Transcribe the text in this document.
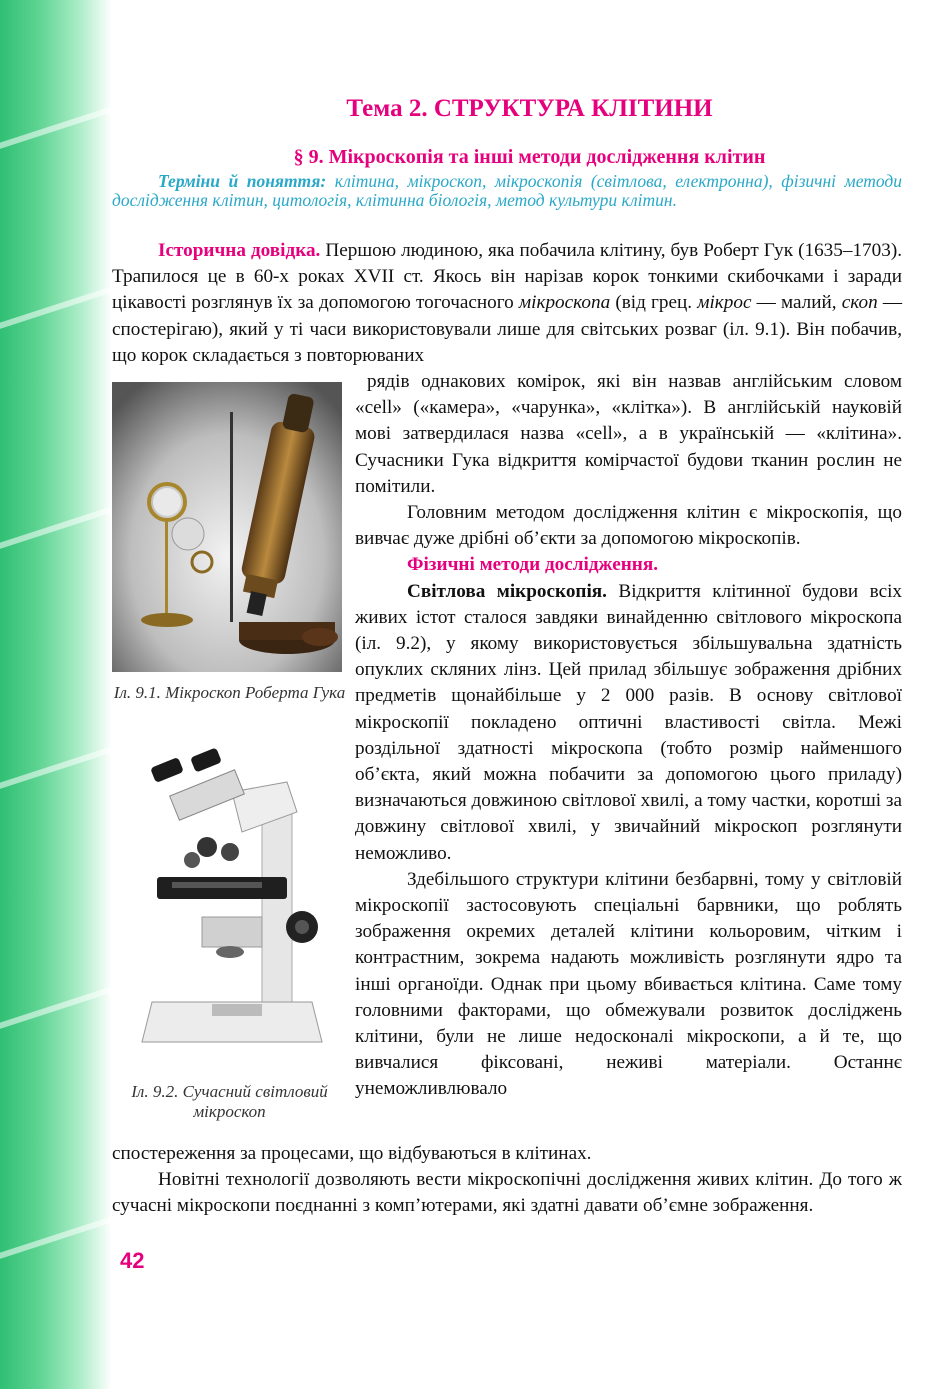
Тема 2. СТРУКТУРА КЛІТИНИ
§ 9. Мікроскопія та інші методи дослідження клітин

Терміни й поняття: клітина, мікроскоп, мікроскопія (світлова, електронна), фізичні методи дослідження клітин, цитологія, клітинна біологія, метод культури клітин.

Історична довідка. Першою людиною, яка побачила клітину, був Роберт Гук (1635–1703). Трапилося це в 60-х роках XVII ст. Якось він нарізав корок тонкими скибочками і заради цікавості розглянув їх за допомогою тогочасного мікроскопа (від грец. мікрос — малий, скоп — спостерігаю), який у ті часи використовували лише для світських розваг (іл. 9.1). Він побачив, що корок складається з повторюваних

Іл. 9.1. Мікроскоп Роберта Гука
Іл. 9.2. Сучасний світловий мікроскоп

рядів однакових комірок, які він назвав англійським словом «cell» («камера», «чарунка», «клітка»). В англійській науковій мові затвердилася назва «cell», а в українській — «клітина». Сучасники Гука відкриття комірчастої будови тканин рослин не помітили.

Головним методом дослідження клітин є мікроскопія, що вивчає дуже дрібні об’єкти за допомогою мікроскопів.

Фізичні методи дослідження.

Світлова мікроскопія. Відкриття клітинної будови всіх живих істот сталося завдяки винайденню світлового мікроскопа (іл. 9.2), у якому використовується збільшувальна здатність опуклих скляних лінз. Цей прилад збільшує зображення дрібних предметів щонайбільше у 2 000 разів. В основу світлової мікроскопії покладено оптичні властивості світла. Межі роздільної здатності мікроскопа (тобто розмір найменшого об’єкта, який можна побачити за допомогою цього приладу) визначаються довжиною світлової хвилі, а тому частки, коротші за довжину світлової хвилі, у звичайний мікроскоп розглянути неможливо.

Здебільшого структури клітини безбарвні, тому у світловій мікроскопії застосовують спеціальні барвники, що роблять зображення окремих деталей клітини кольоровим, чітким і контрастним, зокрема надають можливість розглянути ядро та інші органоїди. Однак при цьому вбивається клітина. Саме тому головними факторами, що обмежували розвиток досліджень клітини, були не лише недосконалі мікроскопи, а й те, що вивчалися фіксовані, неживі матеріали. Останнє унеможливлювало

спостереження за процесами, що відбуваються в клітинах.

Новітні технології дозволяють вести мікроскопічні дослідження живих клітин. До того ж сучасні мікроскопи поєднанні з комп’ютерами, які здатні давати об’ємне зображення.

42
